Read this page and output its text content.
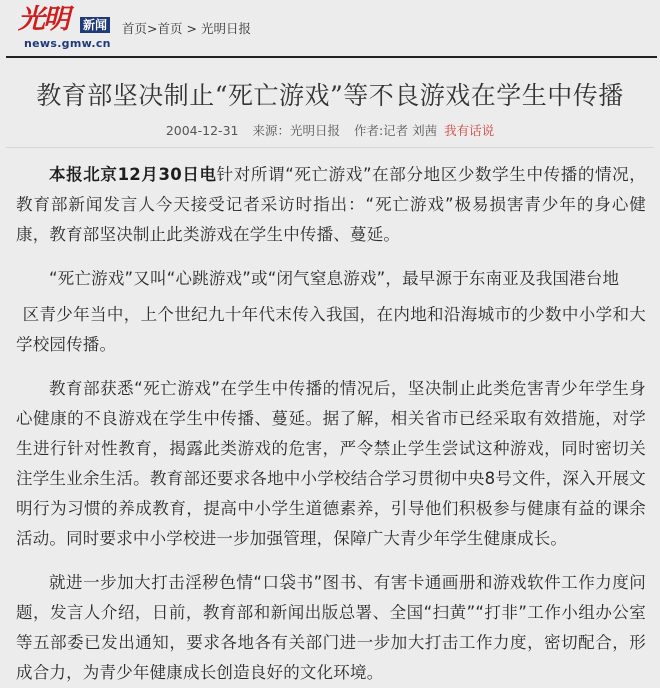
光明 新闻
news.gmw.cn
首页>首页 > 光明日报
教育部坚决制止“死亡游戏”等不良游戏在学生中传播
2004-12-31 来源：光明日报 作者:记者 刘茜 我有话说

本报北京12月30日电针对所谓“死亡游戏”在部分地区少数学生中传播的情况，教育部新闻发言人今天接受记者采访时指出：“死亡游戏”极易损害青少年的身心健康，教育部坚决制止此类游戏在学生中传播、蔓延。

“死亡游戏”又叫“心跳游戏”或“闭气窒息游戏”，最早源于东南亚及我国港台地

区青少年当中，上个世纪九十年代末传入我国，在内地和沿海城市的少数中小学和大学校园传播。

教育部获悉“死亡游戏”在学生中传播的情况后，坚决制止此类危害青少年学生身心健康的不良游戏在学生中传播、蔓延。据了解，相关省市已经采取有效措施，对学生进行针对性教育，揭露此类游戏的危害，严令禁止学生尝试这种游戏，同时密切关注学生业余生活。教育部还要求各地中小学校结合学习贯彻中央8号文件，深入开展文明行为习惯的养成教育，提高中小学生道德素养，引导他们积极参与健康有益的课余活动。同时要求中小学校进一步加强管理，保障广大青少年学生健康成长。

就进一步加大打击淫秽色情“口袋书”图书、有害卡通画册和游戏软件工作力度问题，发言人介绍，日前，教育部和新闻出版总署、全国“扫黄”“打非”工作小组办公室等五部委已发出通知，要求各地各有关部门进一步加大打击工作力度，密切配合，形成合力，为青少年健康成长创造良好的文化环境。
